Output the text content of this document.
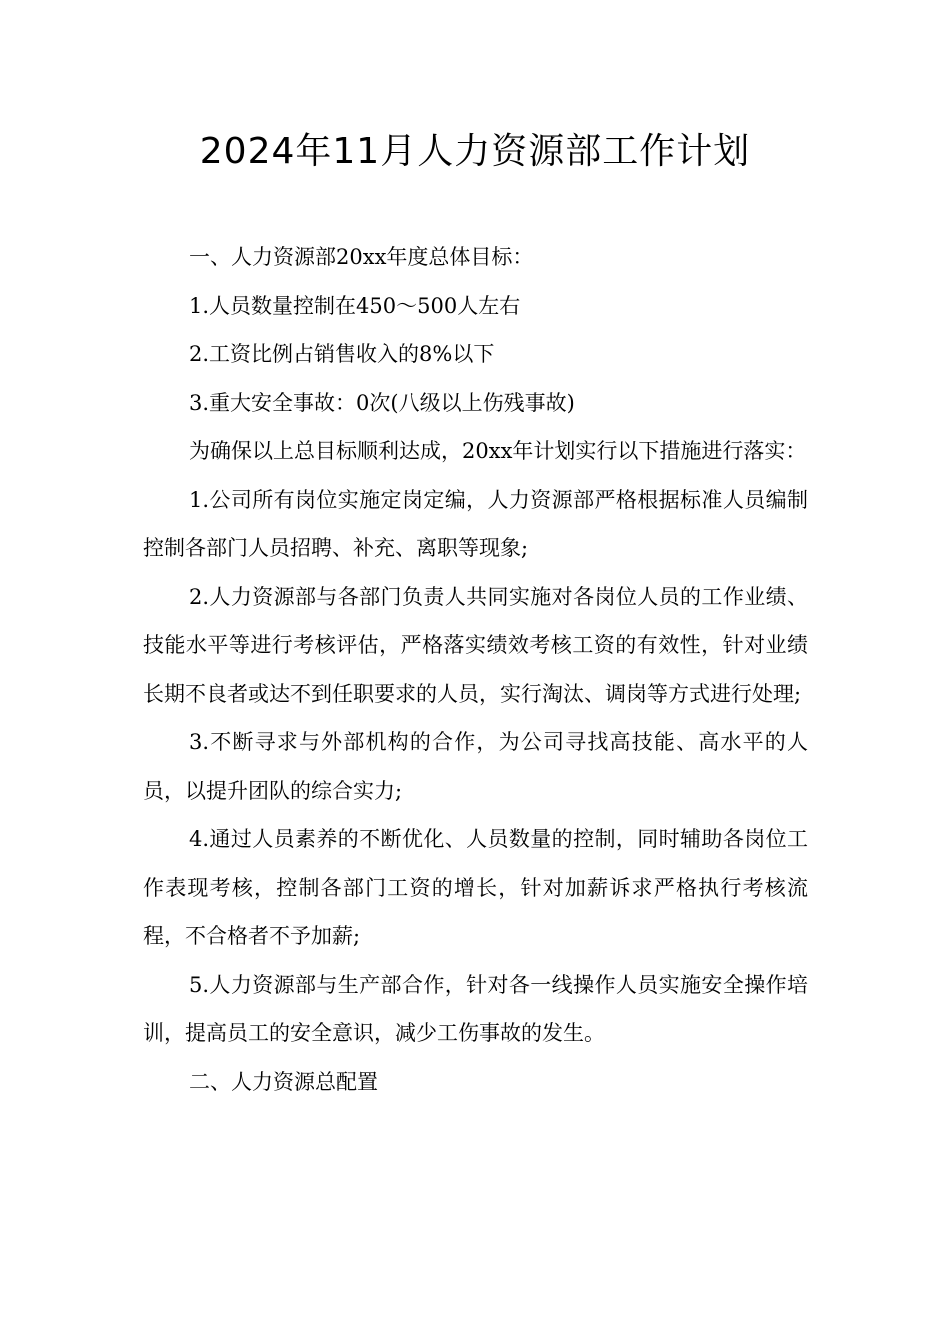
2024年11月人力资源部工作计划

一、人力资源部20xx年度总体目标：

1.人员数量控制在450～500人左右

2.工资比例占销售收入的8%以下

3.重大安全事故：0次(八级以上伤残事故)

为确保以上总目标顺利达成，20xx年计划实行以下措施进行落实：

1.公司所有岗位实施定岗定编，人力资源部严格根据标准人员编制控制各部门人员招聘、补充、离职等现象;

2.人力资源部与各部门负责人共同实施对各岗位人员的工作业绩、技能水平等进行考核评估，严格落实绩效考核工资的有效性，针对业绩长期不良者或达不到任职要求的人员，实行淘汰、调岗等方式进行处理;

3.不断寻求与外部机构的合作，为公司寻找高技能、高水平的人员，以提升团队的综合实力;

4.通过人员素养的不断优化、人员数量的控制，同时辅助各岗位工作表现考核，控制各部门工资的增长，针对加薪诉求严格执行考核流程，不合格者不予加薪;

5.人力资源部与生产部合作，针对各一线操作人员实施安全操作培训，提高员工的安全意识，减少工伤事故的发生。

二、人力资源总配置
